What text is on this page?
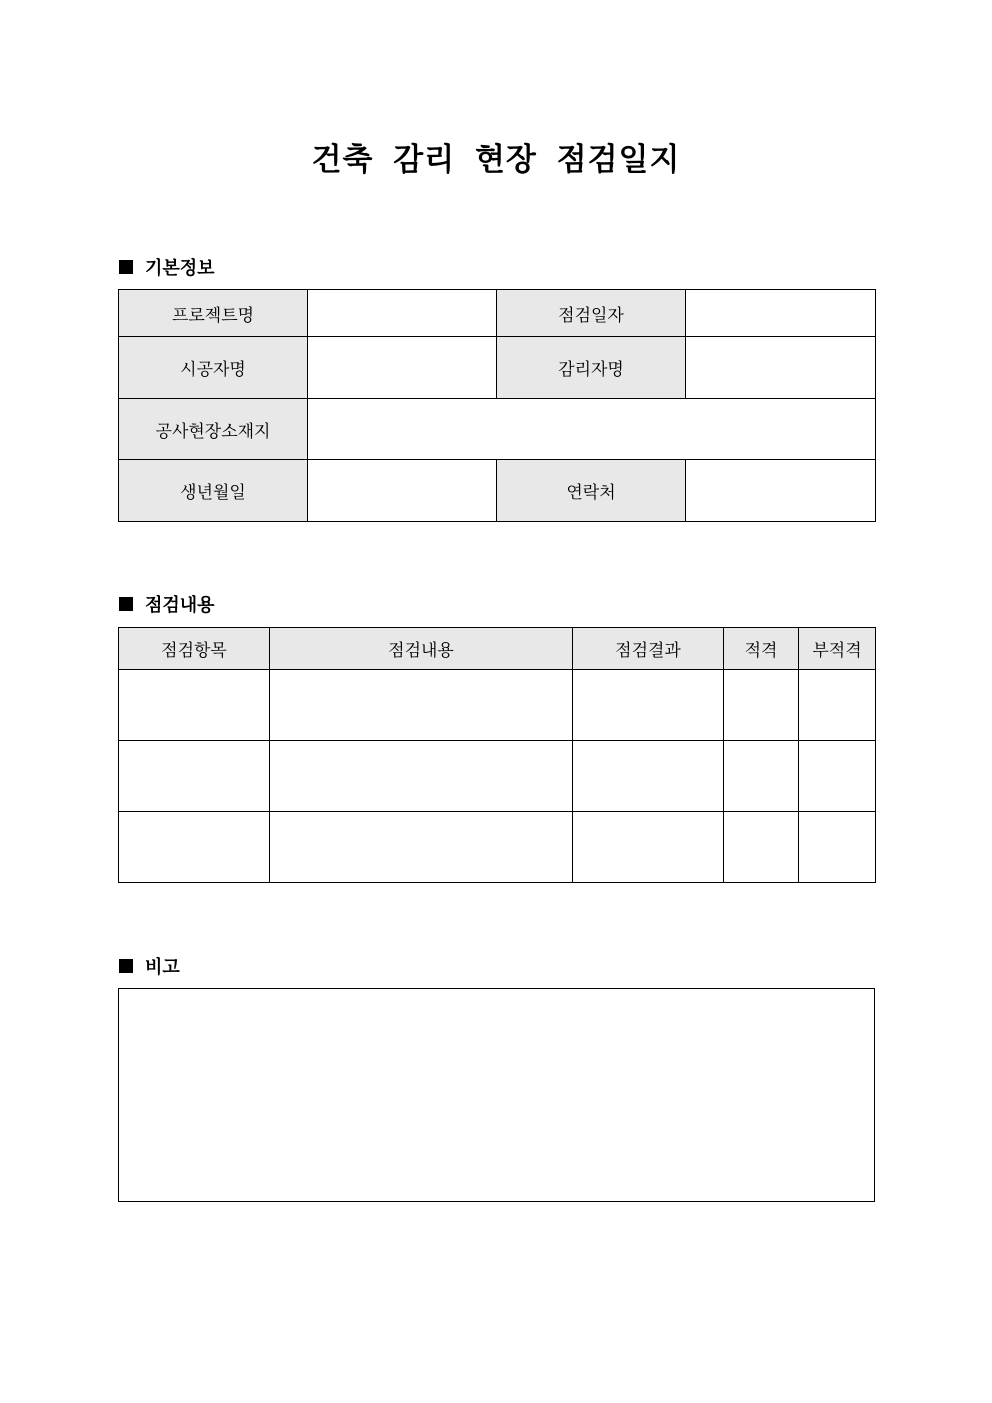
건축 감리 현장 점검일지
기본정보
프로젝트명		점검일자	
시공자명		감리자명	
공사현장소재지			
생년월일		연락처	
점검내용
점검항목	점검내용	점검결과	적격	부적격

비고
